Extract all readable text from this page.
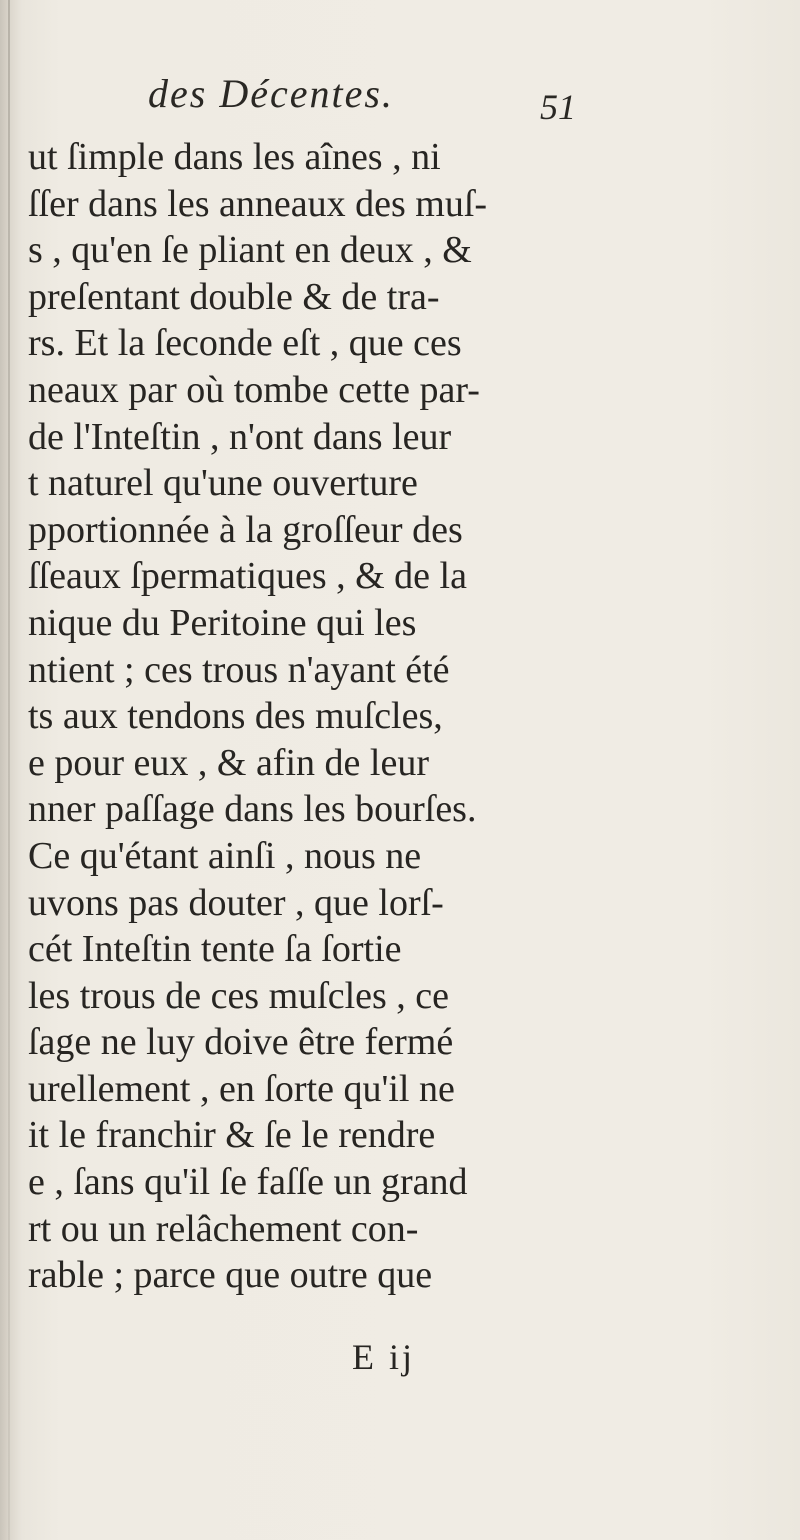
des Décentes.	51
ut ſimple dans les aînes , ni
ſſer dans les anneaux des muſ-
s , qu'en ſe pliant en deux , &
preſentant double & de tra-
rs. Et la ſeconde eſt , que ces
neaux par où tombe cette par-
de l'Inteſtin , n'ont dans leur
t naturel qu'une ouverture
pportionnée à la groſſeur des
ſſeaux ſpermatiques , & de la
nique du Peritoine qui les
ntient ; ces trous n'ayant été
ts aux tendons des muſcles,
e pour eux , & afin de leur
nner paſſage dans les bourſes.
Ce qu'étant ainſi , nous ne
uvons pas douter , que lorſ-
cét Inteſtin tente ſa ſortie
les trous de ces muſcles , ce
ſage ne luy doive être fermé
urellement , en ſorte qu'il ne
it le franchir & ſe le rendre
e , ſans qu'il ſe faſſe un grand
rt ou un relâchement con-
rable ; parce que outre que
E ij
